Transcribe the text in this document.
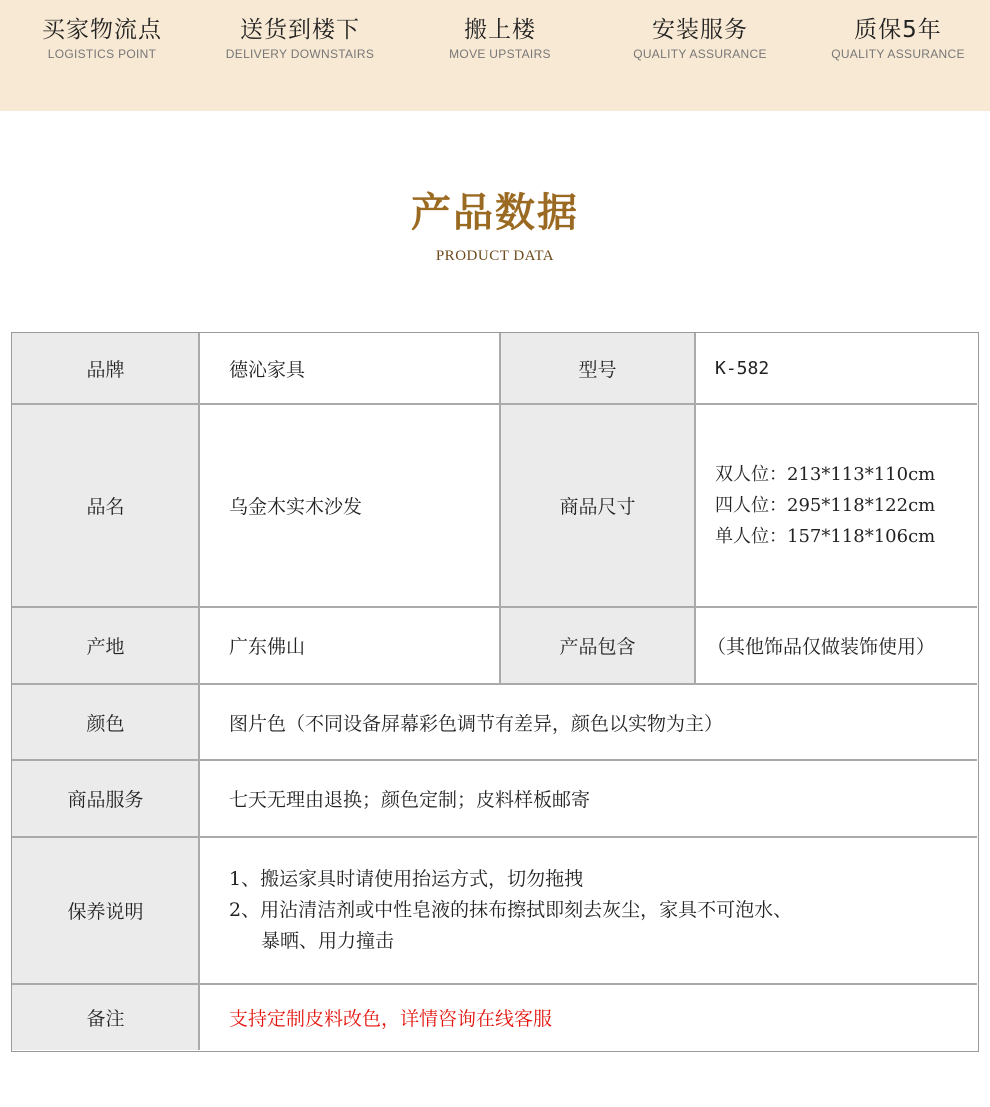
买家物流点
LOGISTICS POINT
送货到楼下
DELIVERY DOWNSTAIRS
搬上楼
MOVE UPSTAIRS
安装服务
QUALITY ASSURANCE
质保5年
QUALITY ASSURANCE
产品数据
PRODUCT DATA
品牌	德沁家具	型号	K-582
品名	乌金木实木沙发	商品尺寸
双人位：213*113*110cm
四人位：295*118*122cm
单人位：157*118*106cm
产地	广东佛山	产品包含	（其他饰品仅做装饰使用）
颜色	图片色（不同设备屏幕彩色调节有差异，颜色以实物为主）
商品服务	七天无理由退换；颜色定制；皮料样板邮寄
保养说明
1、搬运家具时请使用抬运方式，切勿拖拽
2、用沾清洁剂或中性皂液的抹布擦拭即刻去灰尘，家具不可泡水、
暴晒、用力撞击
备注	支持定制皮料改色，详情咨询在线客服
